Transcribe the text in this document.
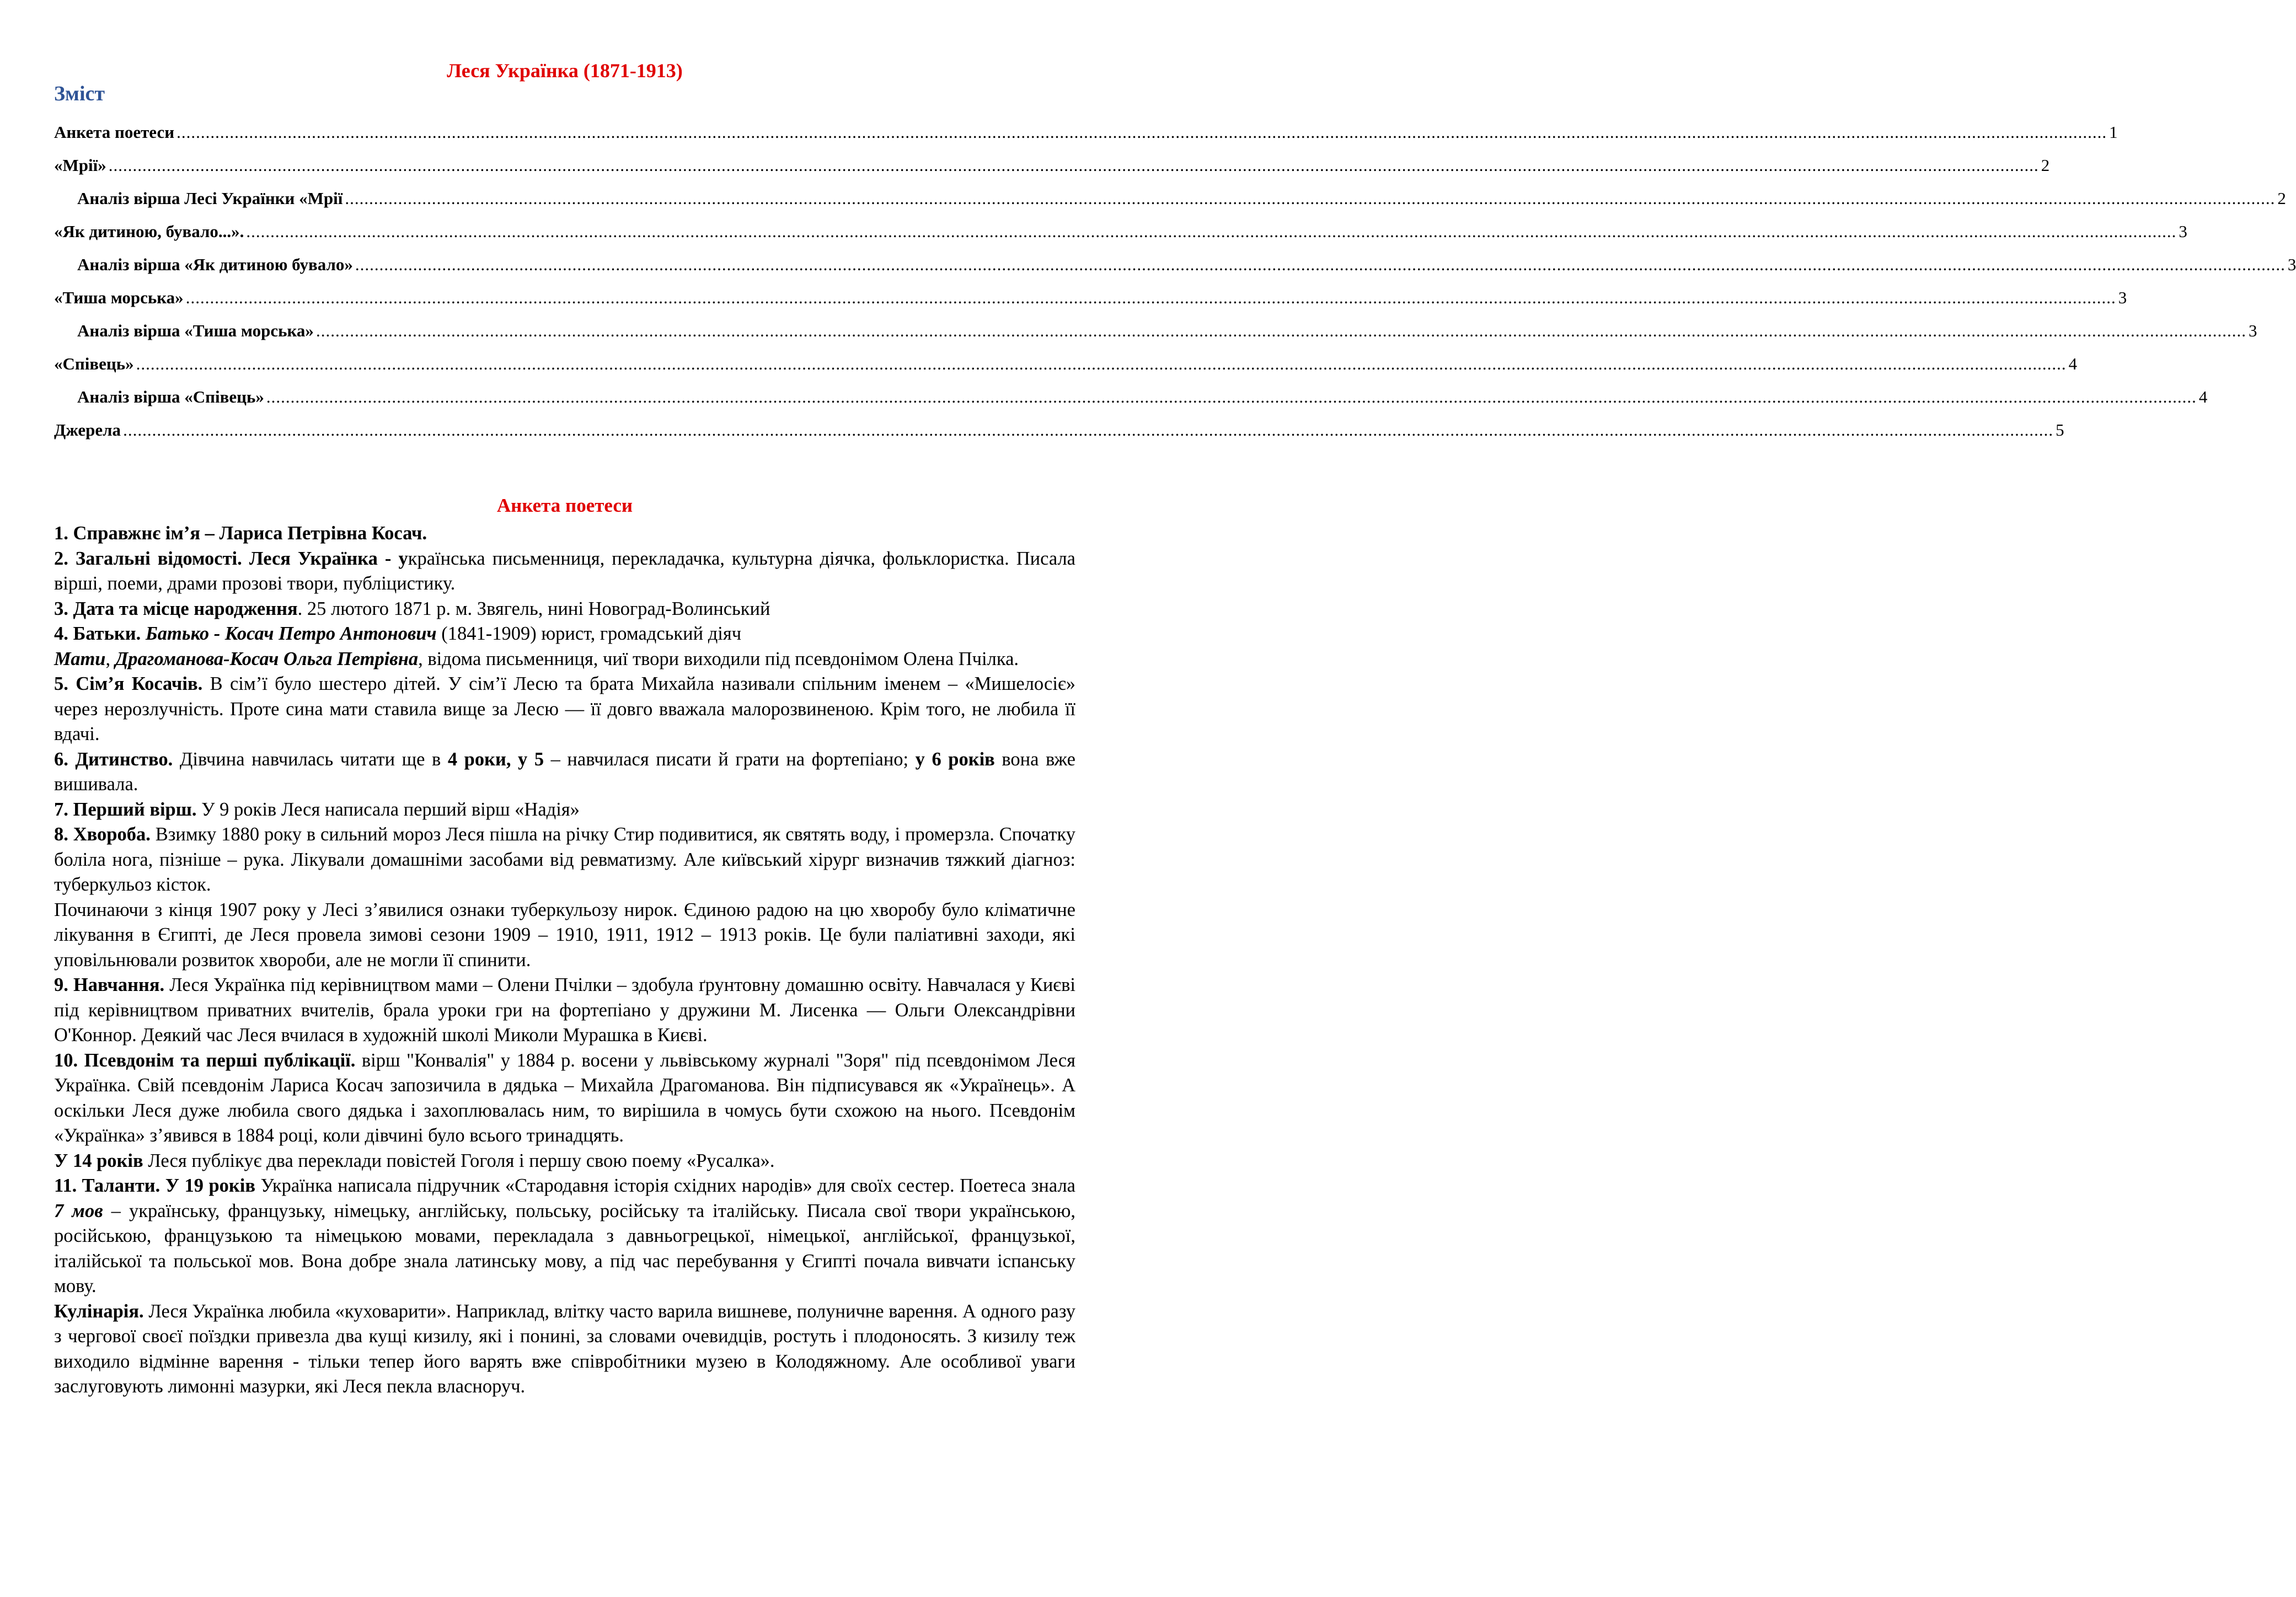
Леся Українка (1871-1913)
Зміст
Анкета поетеси ................................................................................................................................................................................................................................................................................................................................................................................................................ 1
«Мрії» ................................................................................................................................................................................................................................................................................................................................................................................................................ 2
Аналіз вірша Лесі Українки «Мрії ................................................................................................................................................................................................................................................................................................................................................................................................................ 2
«Як дитиною, бувало...». ................................................................................................................................................................................................................................................................................................................................................................................................................ 3
Аналіз вірша «Як дитиною бувало» ................................................................................................................................................................................................................................................................................................................................................................................................................ 3
«Тиша морська» ................................................................................................................................................................................................................................................................................................................................................................................................................ 3
Аналіз вірша «Тиша морська» ................................................................................................................................................................................................................................................................................................................................................................................................................ 3
«Співець» ................................................................................................................................................................................................................................................................................................................................................................................................................ 4
Аналіз вірша «Співець» ................................................................................................................................................................................................................................................................................................................................................................................................................ 4
Джерела ................................................................................................................................................................................................................................................................................................................................................................................................................ 5
Анкета поетеси

1. Справжнє ім’я – Лариса Петрівна Косач.

2. Загальні відомості. Леся Українка - українська письменниця, перекладачка, культурна діячка, фольклористка. Писала вірші, поеми, драми прозові твори, публіцистику.

3. Дата та місце народження. 25 лютого 1871 р. м. Звягель, нині Новоград-Волинський

4. Батьки. Батько - Косач Петро Антонович (1841-1909) юрист, громадський діяч

Мати, Драгоманова-Косач Ольга Петрівна, відома письменниця, чиї твори виходили під псевдонімом Олена Пчілка.

5. Сім’я Косачів. В сім’ї було шестеро дітей. У сім’ї Лесю та брата Михайла називали спільним іменем – «Мишелосіє» через нерозлучність. Проте сина мати ставила вище за Лесю — її довго вважала малорозвиненою. Крім того, не любила її вдачі.

6. Дитинство. Дівчина навчилась читати ще в 4 роки, у 5 – навчилася писати й грати на фортепіано; у 6 років вона вже вишивала.

7. Перший вірш. У 9 років Леся написала перший вірш «Надія»

8. Хвороба. Взимку 1880 року в сильний мороз Леся пішла на річку Стир подивитися, як святять воду, і промерзла. Спочатку боліла нога, пізніше – рука. Лікували домашніми засобами від ревматизму. Але київський хірург визначив тяжкий діагноз: туберкульоз кісток.

Починаючи з кінця 1907 року у Лесі з’явилися ознаки туберкульозу нирок. Єдиною радою на цю хворобу було кліматичне лікування в Єгипті, де Леся провела зимові сезони 1909 – 1910, 1911, 1912 – 1913 років. Це були паліативні заходи, які уповільнювали розвиток хвороби, але не могли її спинити.

9. Навчання. Леся Українка під керівництвом мами – Олени Пчілки – здобула ґрунтовну домашню освіту. Навчалася у Києві під керівництвом приватних вчителів, брала уроки гри на фортепіано у дружини М. Лисенка — Ольги Олександрівни О'Коннор. Деякий час Леся вчилася в художній школі Миколи Мурашка в Києві.

10. Псевдонім та перші публікації. вірш "Конвалія" у 1884 р. восени у львівському журналі "Зоря" під псевдонімом Леся Українка. Свій псевдонім Лариса Косач запозичила в дядька – Михайла Драгоманова. Він підписувався як «Українець». А оскільки Леся дуже любила свого дядька і захоплювалась ним, то вирішила в чомусь бути схожою на нього. Псевдонім «Українка» з’явився в 1884 році, коли дівчині було всього тринадцять.

У 14 років Леся публікує два переклади повістей Гоголя і першу свою поему «Русалка».

11. Таланти. У 19 років Українка написала підручник «Стародавня історія східних народів» для своїх сестер. Поетеса знала 7 мов – українську, французьку, німецьку, англійську, польську, російську та італійську. Писала свої твори українською, російською, французькою та німецькою мовами, перекладала з давньогрецької, німецької, англійської, французької, італійської та польської мов. Вона добре знала латинську мову, а під час перебування у Єгипті почала вивчати іспанську мову.

Кулінарія. Леся Українка любила «куховарити». Наприклад, влітку часто варила вишневе, полуничне варення. А одного разу з чергової своєї поїздки привезла два кущі кизилу, які і понині, за словами очевидців, ростуть і плодоносять. З кизилу теж виходило відмінне варення - тільки тепер його варять вже співробітники музею в Колодяжному. Але особливої уваги заслуговують лимонні мазурки, які Леся пекла власноруч.
